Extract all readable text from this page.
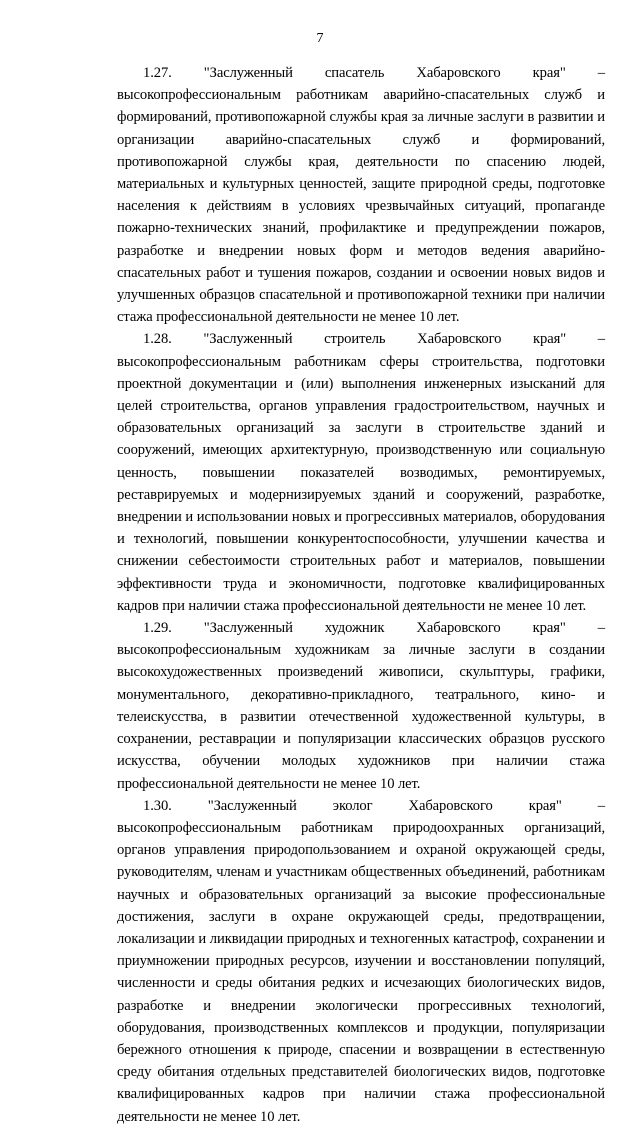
7

1.27. "Заслуженный спасатель Хабаровского края" – высокопрофессиональным работникам аварийно-спасательных служб и формирований, противопожарной службы края за личные заслуги в развитии и организации аварийно-спасательных служб и формирований, противопожарной службы края, деятельности по спасению людей, материальных и культурных ценностей, защите природной среды, подготовке населения к действиям в условиях чрезвычайных ситуаций, пропаганде пожарно-технических знаний, профилактике и предупреждении пожаров, разработке и внедрении новых форм и методов ведения аварийно-спасательных работ и тушения пожаров, создании и освоении новых видов и улучшенных образцов спасательной и противопожарной техники при наличии стажа профессиональной деятельности не менее 10 лет.

1.28. "Заслуженный строитель Хабаровского края" – высокопрофессиональным работникам сферы строительства, подготовки проектной документации и (или) выполнения инженерных изысканий для целей строительства, органов управления градостроительством, научных и образовательных организаций за заслуги в строительстве зданий и сооружений, имеющих архитектурную, производственную или социальную ценность, повышении показателей возводимых, ремонтируемых, реставрируемых и модернизируемых зданий и сооружений, разработке, внедрении и использовании новых и прогрессивных материалов, оборудования и технологий, повышении конкурентоспособности, улучшении качества и снижении себестоимости строительных работ и материалов, повышении эффективности труда и экономичности, подготовке квалифицированных кадров при наличии стажа профессиональной деятельности не менее 10 лет.

1.29. "Заслуженный художник Хабаровского края" – высокопрофессиональным художникам за личные заслуги в создании высокохудожественных произведений живописи, скульптуры, графики, монументального, декоративно-прикладного, театрального, кино- и телеискусства, в развитии отечественной художественной культуры, в сохранении, реставрации и популяризации классических образцов русского искусства, обучении молодых художников при наличии стажа профессиональной деятельности не менее 10 лет.

1.30. "Заслуженный эколог Хабаровского края" – высокопрофессиональным работникам природоохранных организаций, органов управления природопользованием и охраной окружающей среды, руководителям, членам и участникам общественных объединений, работникам научных и образовательных организаций за высокие профессиональные достижения, заслуги в охране окружающей среды, предотвращении, локализации и ликвидации природных и техногенных катастроф, сохранении и приумножении природных ресурсов, изучении и восстановлении популяций, численности и среды обитания редких и исчезающих биологических видов, разработке и внедрении экологически прогрессивных технологий, оборудования, производственных комплексов и продукции, популяризации бережного отношения к природе, спасении и возвращении в естественную среду обитания отдельных представителей биологических видов, подготовке квалифицированных кадров при наличии стажа профессиональной деятельности не менее 10 лет.
